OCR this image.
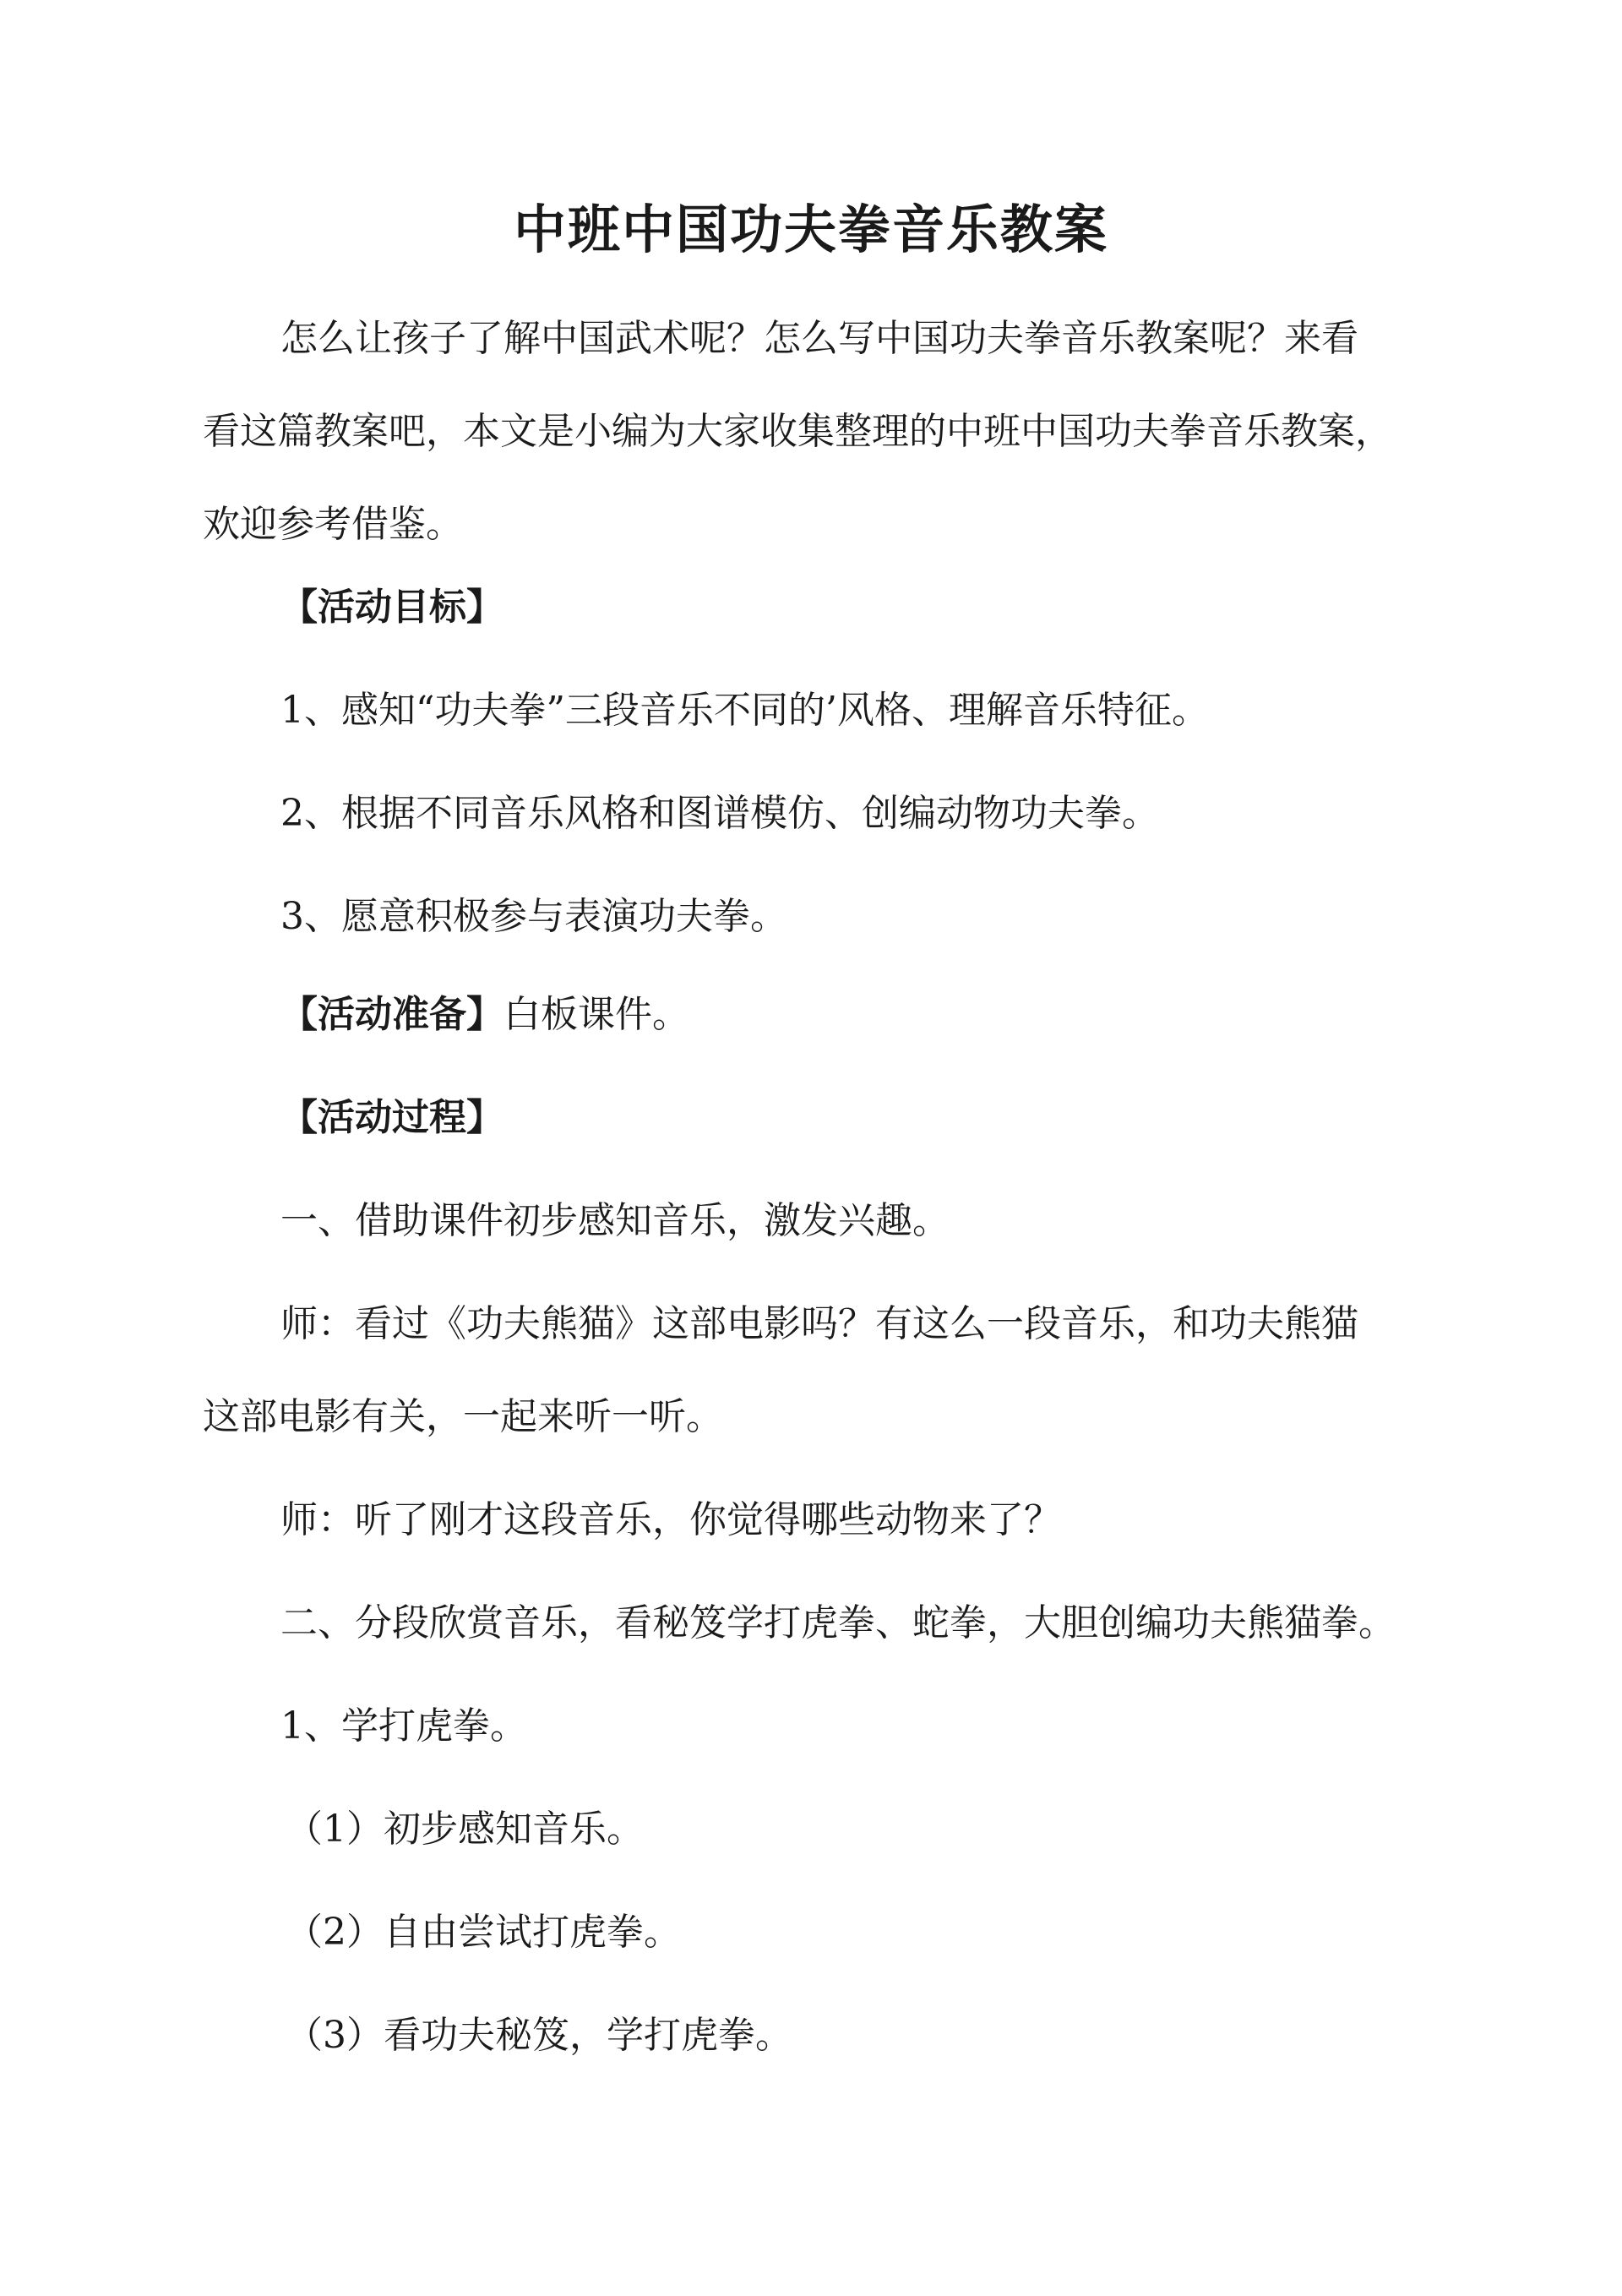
中班中国功夫拳音乐教案
怎么让孩子了解中国武术呢？怎么写中国功夫拳音乐教案呢？来看
看这篇教案吧，本文是小编为大家收集整理的中班中国功夫拳音乐教案，
欢迎参考借鉴。
【活动目标】
1、感知“功夫拳”三段音乐不同的’风格、理解音乐特征。
2、根据不同音乐风格和图谱模仿、创编动物功夫拳。
3、愿意积极参与表演功夫拳。
【活动准备】白板课件。
【活动过程】
一、借助课件初步感知音乐，激发兴趣。
师：看过《功夫熊猫》这部电影吗？有这么一段音乐，和功夫熊猫
这部电影有关，一起来听一听。
师：听了刚才这段音乐，你觉得哪些动物来了？
二、分段欣赏音乐，看秘笈学打虎拳、蛇拳，大胆创编功夫熊猫拳。
1、学打虎拳。
（1）初步感知音乐。
（2）自由尝试打虎拳。
（3）看功夫秘笈，学打虎拳。
